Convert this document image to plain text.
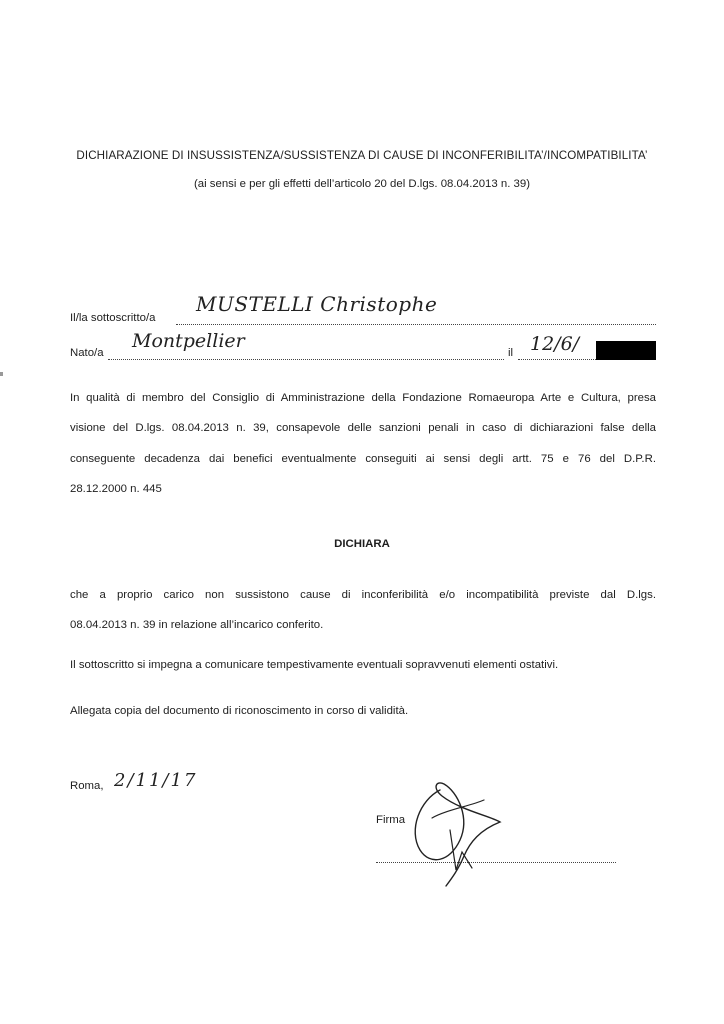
DICHIARAZIONE DI INSUSSISTENZA/SUSSISTENZA DI CAUSE DI INCONFERIBILITA’/INCOMPATIBILITA’
(ai sensi e per gli effetti dell’articolo 20 del D.lgs. 08.04.2013 n. 39)
Il/la sottoscritto/a
MUSTELLI Christophe
Nato/a
Montpellier
il 12/6/
In qualità di membro del Consiglio di Amministrazione della Fondazione Romaeuropa Arte e Cultura, presa
visione del D.lgs. 08.04.2013 n. 39, consapevole delle sanzioni penali in caso di dichiarazioni false della
conseguente decadenza dai benefici eventualmente conseguiti ai sensi degli artt. 75 e 76 del D.P.R.
28.12.2000 n. 445
DICHIARA
che a proprio carico non sussistono cause di inconferibilità e/o incompatibilità previste dal D.lgs.
08.04.2013 n. 39 in relazione all’incarico conferito.
Il sottoscritto si impegna a comunicare tempestivamente eventuali sopravvenuti elementi ostativi.
Allegata copia del documento di riconoscimento in corso di validità.
Roma, 2/11/17
Firma
